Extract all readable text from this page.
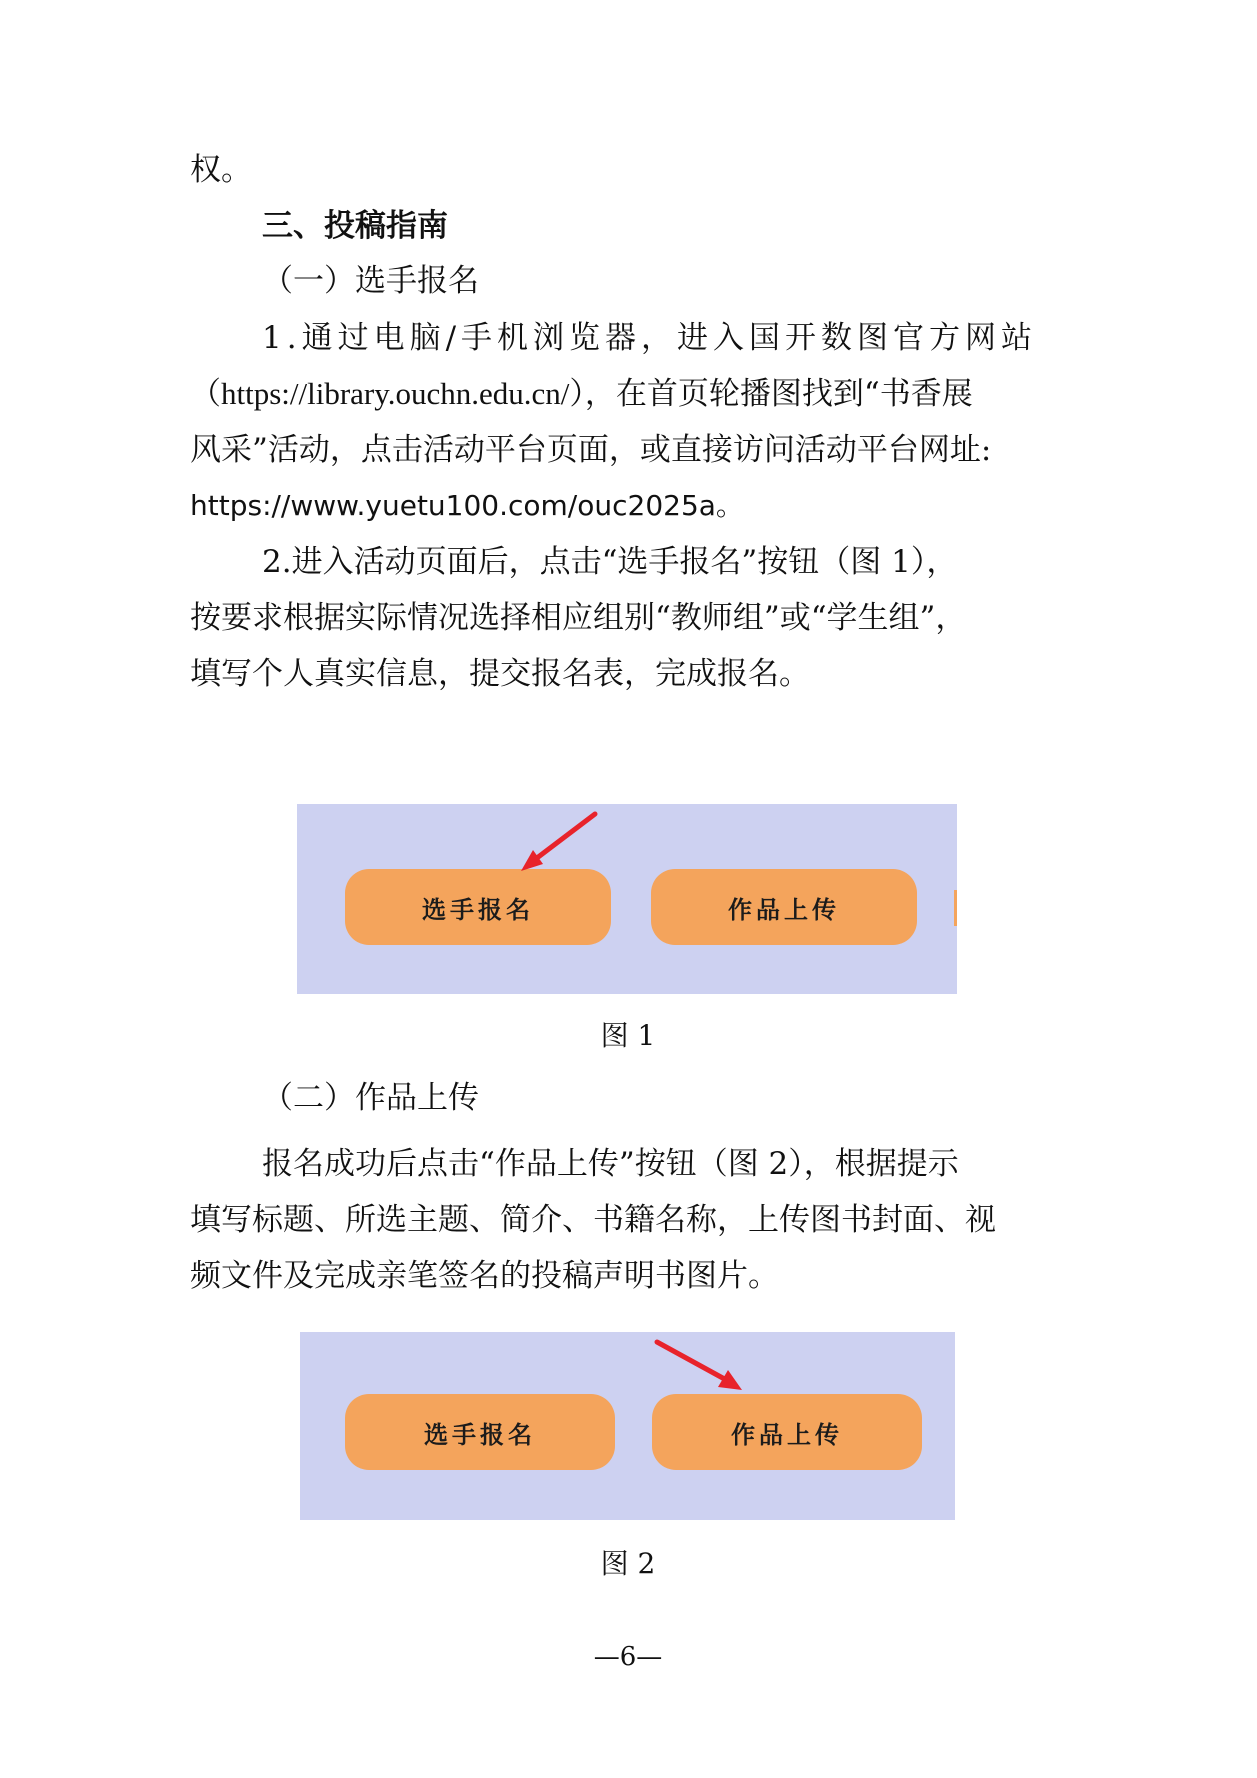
权。
三、投稿指南
（一）选手报名
1.通过电脑/手机浏览器，进入国开数图官方网站
（https://library.ouchn.edu.cn/），在首页轮播图找到“书香展
风采”活动，点击活动平台页面，或直接访问活动平台网址:
https://www.yuetu100.com/ouc2025a。
2.进入活动页面后，点击“选手报名”按钮（图 1），
按要求根据实际情况选择相应组别“教师组”或“学生组”，
填写个人真实信息，提交报名表，完成报名。
选手报名	作品上传
图 1
（二）作品上传
报名成功后点击“作品上传”按钮（图 2），根据提示
填写标题、所选主题、简介、书籍名称，上传图书封面、视
频文件及完成亲笔签名的投稿声明书图片。
选手报名	作品上传
图 2
—6—
